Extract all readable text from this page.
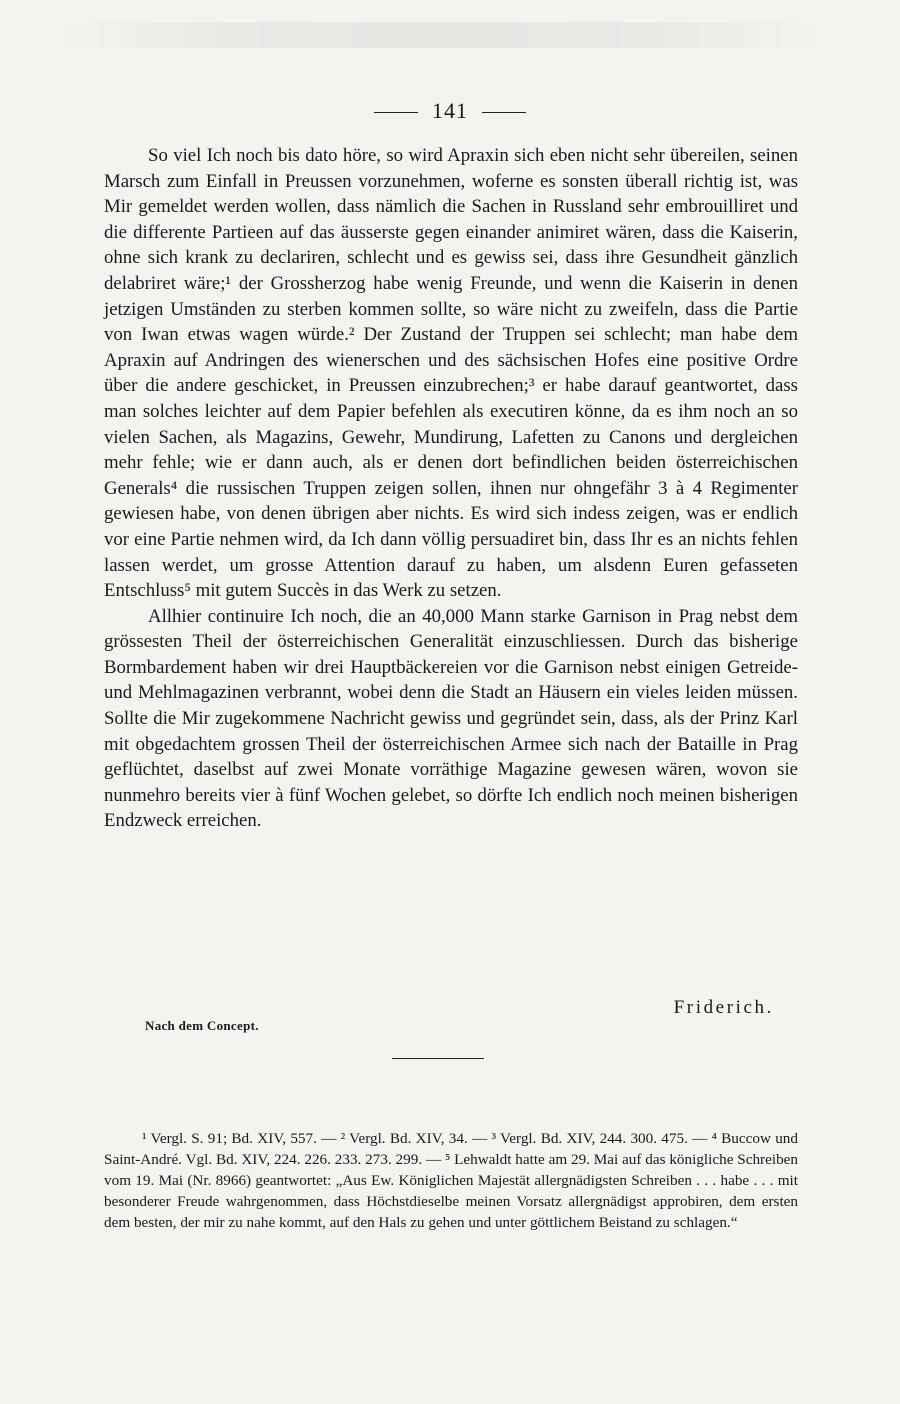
141

So viel Ich noch bis dato höre, so wird Apraxin sich eben nicht sehr übereilen, seinen Marsch zum Einfall in Preussen vorzunehmen, woferne es sonsten überall richtig ist, was Mir gemeldet werden wollen, dass nämlich die Sachen in Russland sehr embrouilliret und die differente Partieen auf das äusserste gegen einander animiret wären, dass die Kaiserin, ohne sich krank zu declariren, schlecht und es gewiss sei, dass ihre Gesundheit gänzlich delabriret wäre;¹ der Grossherzog habe wenig Freunde, und wenn die Kaiserin in denen jetzigen Umständen zu sterben kommen sollte, so wäre nicht zu zweifeln, dass die Partie von Iwan etwas wagen würde.² Der Zustand der Truppen sei schlecht; man habe dem Apraxin auf Andringen des wienerschen und des sächsischen Hofes eine positive Ordre über die andere geschicket, in Preussen einzubrechen;³ er habe darauf geantwortet, dass man solches leichter auf dem Papier befehlen als executiren könne, da es ihm noch an so vielen Sachen, als Magazins, Gewehr, Mundirung, Lafetten zu Canons und dergleichen mehr fehle; wie er dann auch, als er denen dort befindlichen beiden österreichischen Generals⁴ die russischen Truppen zeigen sollen, ihnen nur ohngefähr 3 à 4 Regimenter gewiesen habe, von denen übrigen aber nichts. Es wird sich indess zeigen, was er endlich vor eine Partie nehmen wird, da Ich dann völlig persuadiret bin, dass Ihr es an nichts fehlen lassen werdet, um grosse Attention darauf zu haben, um alsdenn Euren gefasseten Entschluss⁵ mit gutem Succès in das Werk zu setzen.

Allhier continuire Ich noch, die an 40,000 Mann starke Garnison in Prag nebst dem grössesten Theil der österreichischen Generalität einzuschliessen. Durch das bisherige Bormbardement haben wir drei Hauptbäckereien vor die Garnison nebst einigen Getreide- und Mehlmagazinen verbrannt, wobei denn die Stadt an Häusern ein vieles leiden müssen. Sollte die Mir zugekommene Nachricht gewiss und gegründet sein, dass, als der Prinz Karl mit obgedachtem grossen Theil der österreichischen Armee sich nach der Bataille in Prag geflüchtet, daselbst auf zwei Monate vorräthige Magazine gewesen wären, wovon sie nunmehro bereits vier à fünf Wochen gelebet, so dörfte Ich endlich noch meinen bisherigen Endzweck erreichen.

Friderich.
Nach dem Concept.

¹ Vergl. S. 91; Bd. XIV, 557. — ² Vergl. Bd. XIV, 34. — ³ Vergl. Bd. XIV, 244. 300. 475. — ⁴ Buccow und Saint-André. Vgl. Bd. XIV, 224. 226. 233. 273. 299. — ⁵ Lehwaldt hatte am 29. Mai auf das königliche Schreiben vom 19. Mai (Nr. 8966) geantwortet: „Aus Ew. Königlichen Majestät allergnädigsten Schreiben . . . habe . . . mit besonderer Freude wahrgenommen, dass Höchstdieselbe meinen Vorsatz allergnädigst approbiren, dem ersten dem besten, der mir zu nahe kommt, auf den Hals zu gehen und unter göttlichem Beistand zu schlagen.“
